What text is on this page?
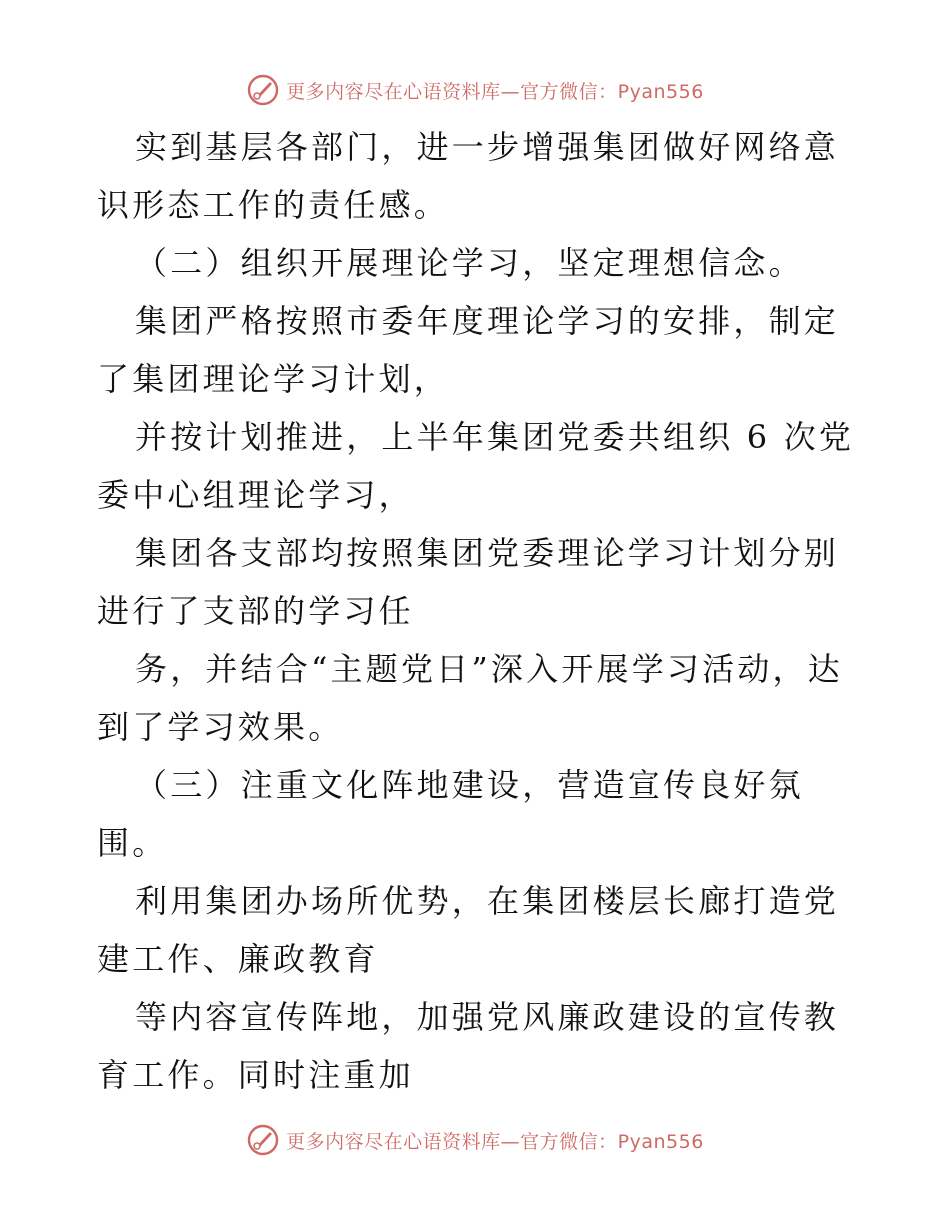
更多内容尽在心语资料库—官方微信：Pyan556

实到基层各部门，进一步增强集团做好网络意识形态工作的责任感。

（二）组织开展理论学习，坚定理想信念。

集团严格按照市委年度理论学习的安排，制定了集团理论学习计划，

并按计划推进，上半年集团党委共组织 6 次党委中心组理论学习，

集团各支部均按照集团党委理论学习计划分别进行了支部的学习任

务，并结合“主题党日”深入开展学习活动，达到了学习效果。

（三）注重文化阵地建设，营造宣传良好氛围。

利用集团办场所优势，在集团楼层长廊打造党建工作、廉政教育

等内容宣传阵地，加强党风廉政建设的宣传教育工作。同时注重加

更多内容尽在心语资料库—官方微信：Pyan556
